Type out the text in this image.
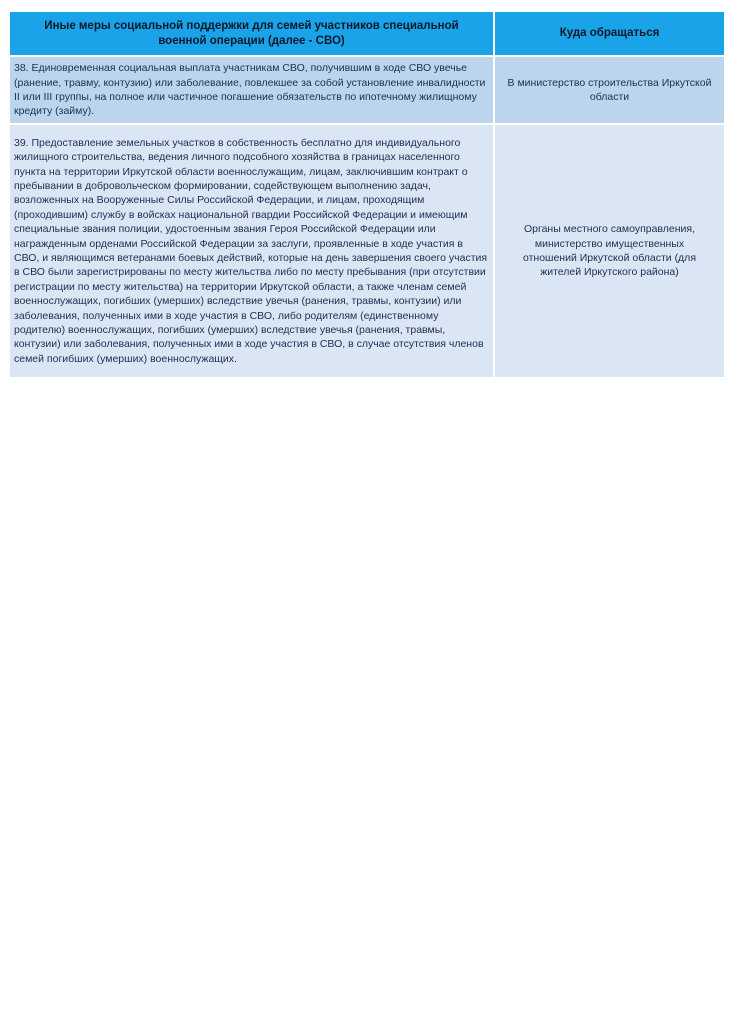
Иные меры социальной поддержки для семей участников специальной военной операции (далее - СВО)	Куда обращаться
38. Единовременная социальная выплата участникам СВО, получившим в ходе СВО увечье (ранение, травму, контузию) или заболевание, повлекшее за собой установление инвалидности II или III группы, на полное или частичное погашение обязательств по ипотечному жилищному кредиту (займу).	В министерство строительства Иркутской области
39. Предоставление земельных участков в собственность бесплатно для индивидуального жилищного строительства, ведения личного подсобного хозяйства в границах населенного пункта на территории Иркутской области военнослужащим, лицам, заключившим контракт о пребывании в добровольческом формировании, содействующем выполнению задач, возложенных на Вооруженные Силы Российской Федерации, и лицам, проходящим (проходившим) службу в войсках национальной гвардии Российской Федерации и имеющим специальные звания полиции, удостоенным звания Героя Российской Федерации или награжденным орденами Российской Федерации за заслуги, проявленные в ходе участия в СВО, и являющимся ветеранами боевых действий, которые на день завершения своего участия в СВО были зарегистрированы по месту жительства либо по месту пребывания (при отсутствии регистрации по месту жительства) на территории Иркутской области, а также членам семей военнослужащих, погибших (умерших) вследствие увечья (ранения, травмы, контузии) или заболевания, полученных ими в ходе участия в СВО, либо родителям (единственному родителю) военнослужащих, погибших (умерших) вследствие увечья (ранения, травмы, контузии) или заболевания, полученных ими в ходе участия в СВО, в случае отсутствия членов семей погибших (умерших) военнослужащих.	Органы местного самоуправления, министерство имущественных отношений Иркутской области (для жителей Иркутского района)
